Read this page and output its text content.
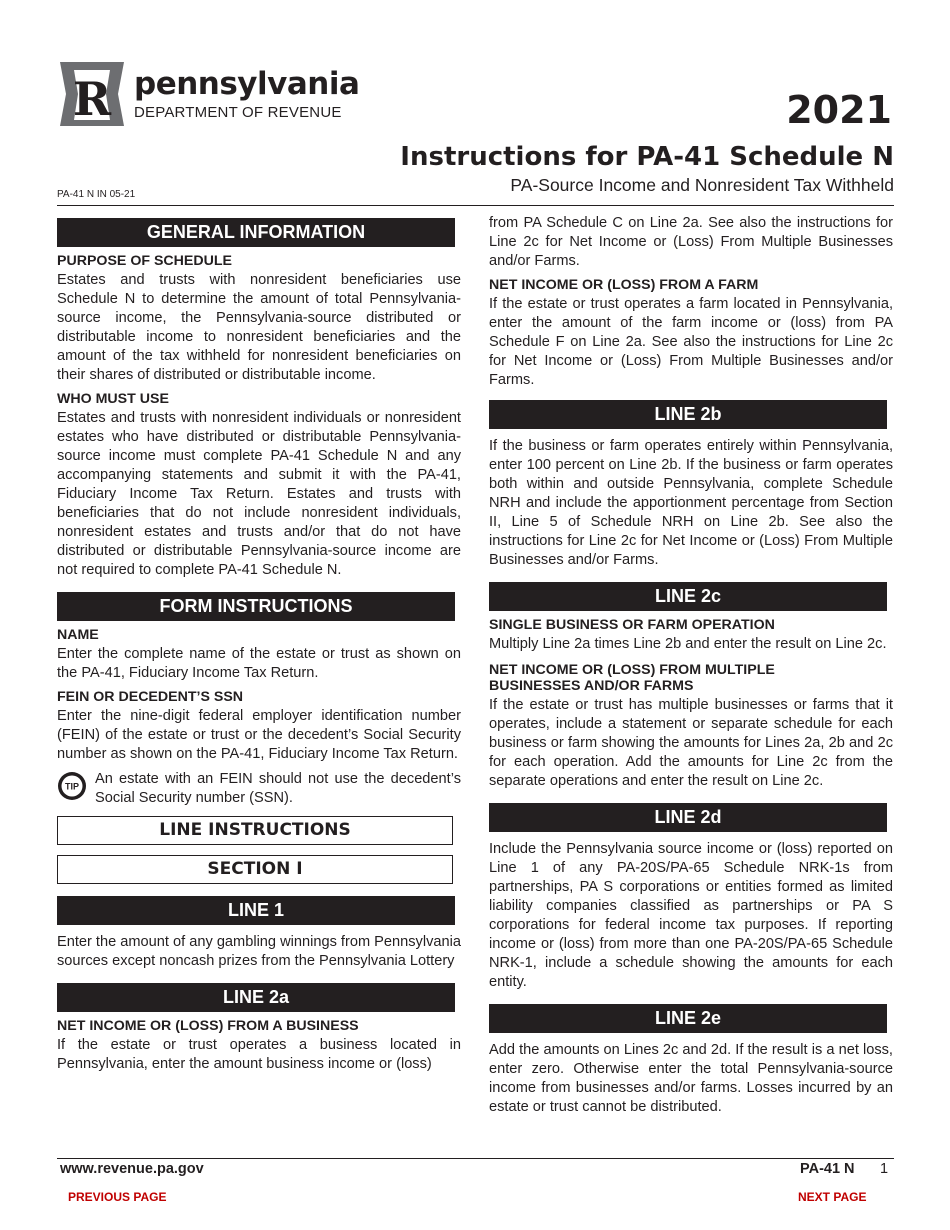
R pennsylvania
DEPARTMENT OF REVENUE	2021
Instructions for PA-41 Schedule N
PA-Source Income and Nonresident Tax Withheld
PA-41 N IN 05-21
GENERAL INFORMATION
PURPOSE OF SCHEDULE

Estates and trusts with nonresident beneficiaries use Schedule N to determine the amount of total Pennsylvania-source income, the Pennsylvania-source distributed or distributable income to nonresident beneficiaries and the amount of the tax withheld for nonresident beneficiaries on their shares of distributed or distributable income.

WHO MUST USE

Estates and trusts with nonresident individuals or nonresident estates who have distributed or distributable Pennsylvania-source income must complete PA-41 Schedule N and any accompanying statements and submit it with the PA-41, Fiduciary Income Tax Return. Estates and trusts with beneficiaries that do not include nonresident individuals, nonresident estates and trusts and/or that do not have distributed or distributable Pennsylvania-source income are not required to complete PA-41 Schedule N.

FORM INSTRUCTIONS
NAME

Enter the complete name of the estate or trust as shown on the PA-41, Fiduciary Income Tax Return.

FEIN OR DECEDENT’S SSN

Enter the nine-digit federal employer identification number (FEIN) of the estate or trust or the decedent’s Social Security number as shown on the PA-41, Fiduciary Income Tax Return.

TIP An estate with an FEIN should not use the decedent’s Social Security number (SSN).

LINE INSTRUCTIONS
SECTION I
LINE 1

Enter the amount of any gambling winnings from Pennsylvania sources except noncash prizes from the Pennsylvania Lottery

LINE 2a
NET INCOME OR (LOSS) FROM A BUSINESS

If the estate or trust operates a business located in Pennsylvania, enter the amount business income or (loss)

from PA Schedule C on Line 2a. See also the instructions for Line 2c for Net Income or (Loss) From Multiple Businesses and/or Farms.

NET INCOME OR (LOSS) FROM A FARM

If the estate or trust operates a farm located in Pennsylvania, enter the amount of the farm income or (loss) from PA Schedule F on Line 2a. See also the instructions for Line 2c for Net Income or (Loss) From Multiple Businesses and/or Farms.

LINE 2b

If the business or farm operates entirely within Pennsylvania, enter 100 percent on Line 2b. If the business or farm operates both within and outside Pennsylvania, complete Schedule NRH and include the apportionment percentage from Section II, Line 5 of Schedule NRH on Line 2b. See also the instructions for Line 2c for Net Income or (Loss) From Multiple Businesses and/or Farms.

LINE 2c
SINGLE BUSINESS OR FARM OPERATION

Multiply Line 2a times Line 2b and enter the result on Line 2c.

NET INCOME OR (LOSS) FROM MULTIPLE
BUSINESSES AND/OR FARMS

If the estate or trust has multiple businesses or farms that it operates, include a statement or separate schedule for each business or farm showing the amounts for Lines 2a, 2b and 2c for each operation. Add the amounts for Line 2c from the separate operations and enter the result on Line 2c.

LINE 2d

Include the Pennsylvania source income or (loss) reported on Line 1 of any PA-20S/PA-65 Schedule NRK-1s from partnerships, PA S corporations or entities formed as limited liability companies classified as partnerships or PA S corporations for federal income tax purposes. If reporting income or (loss) from more than one PA-20S/PA-65 Schedule NRK-1, include a schedule showing the amounts for each entity.

LINE 2e

Add the amounts on Lines 2c and 2d. If the result is a net loss, enter zero. Otherwise enter the total Pennsylvania-source income from businesses and/or farms. Losses incurred by an estate or trust cannot be distributed.

www.revenue.pa.gov	PA-41 N 1
PREVIOUS PAGE	NEXT PAGE
